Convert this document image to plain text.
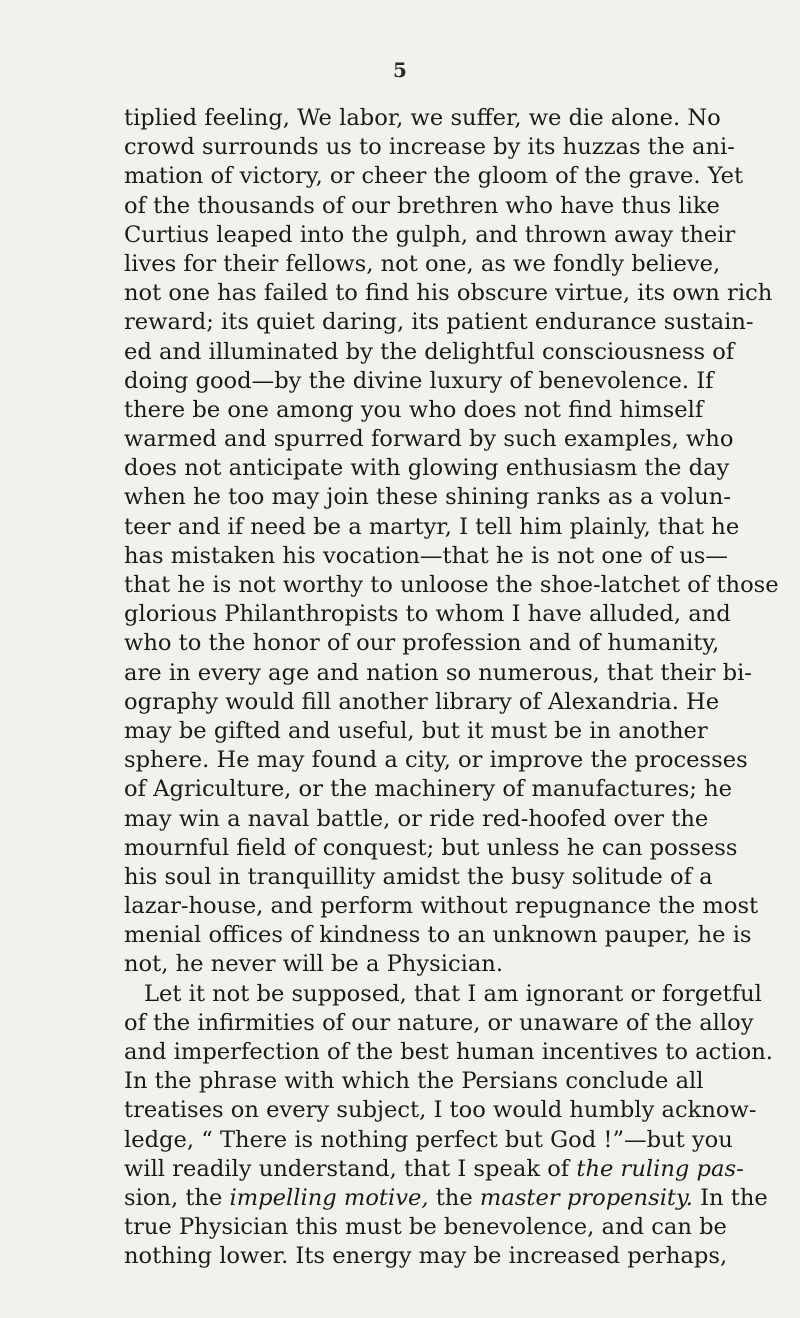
5

tiplied feeling, We labor, we suffer, we die alone. No
crowd surrounds us to increase by its huzzas the ani-
mation of victory, or cheer the gloom of the grave. Yet
of the thousands of our brethren who have thus like
Curtius leaped into the gulph, and thrown away their
lives for their fellows, not one, as we fondly believe,
not one has failed to find his obscure virtue, its own rich
reward; its quiet daring, its patient endurance sustain-
ed and illuminated by the delightful consciousness of
doing good—by the divine luxury of benevolence. If
there be one among you who does not find himself
warmed and spurred forward by such examples, who
does not anticipate with glowing enthusiasm the day
when he too may join these shining ranks as a volun-
teer and if need be a martyr, I tell him plainly, that he
has mistaken his vocation—that he is not one of us—
that he is not worthy to unloose the shoe-latchet of those
glorious Philanthropists to whom I have alluded, and
who to the honor of our profession and of humanity,
are in every age and nation so numerous, that their bi-
ography would fill another library of Alexandria. He
may be gifted and useful, but it must be in another
sphere. He may found a city, or improve the processes
of Agriculture, or the machinery of manufactures; he
may win a naval battle, or ride red-hoofed over the
mournful field of conquest; but unless he can possess
his soul in tranquillity amidst the busy solitude of a
lazar-house, and perform without repugnance the most
menial offices of kindness to an unknown pauper, he is
not, he never will be a Physician.
Let it not be supposed, that I am ignorant or forgetful
of the infirmities of our nature, or unaware of the alloy
and imperfection of the best human incentives to action.
In the phrase with which the Persians conclude all
treatises on every subject, I too would humbly acknow-
ledge, “ There is nothing perfect but God !”—but you
will readily understand, that I speak of the ruling pas-
sion, the impelling motive, the master propensity. In the
true Physician this must be benevolence, and can be
nothing lower. Its energy may be increased perhaps,
